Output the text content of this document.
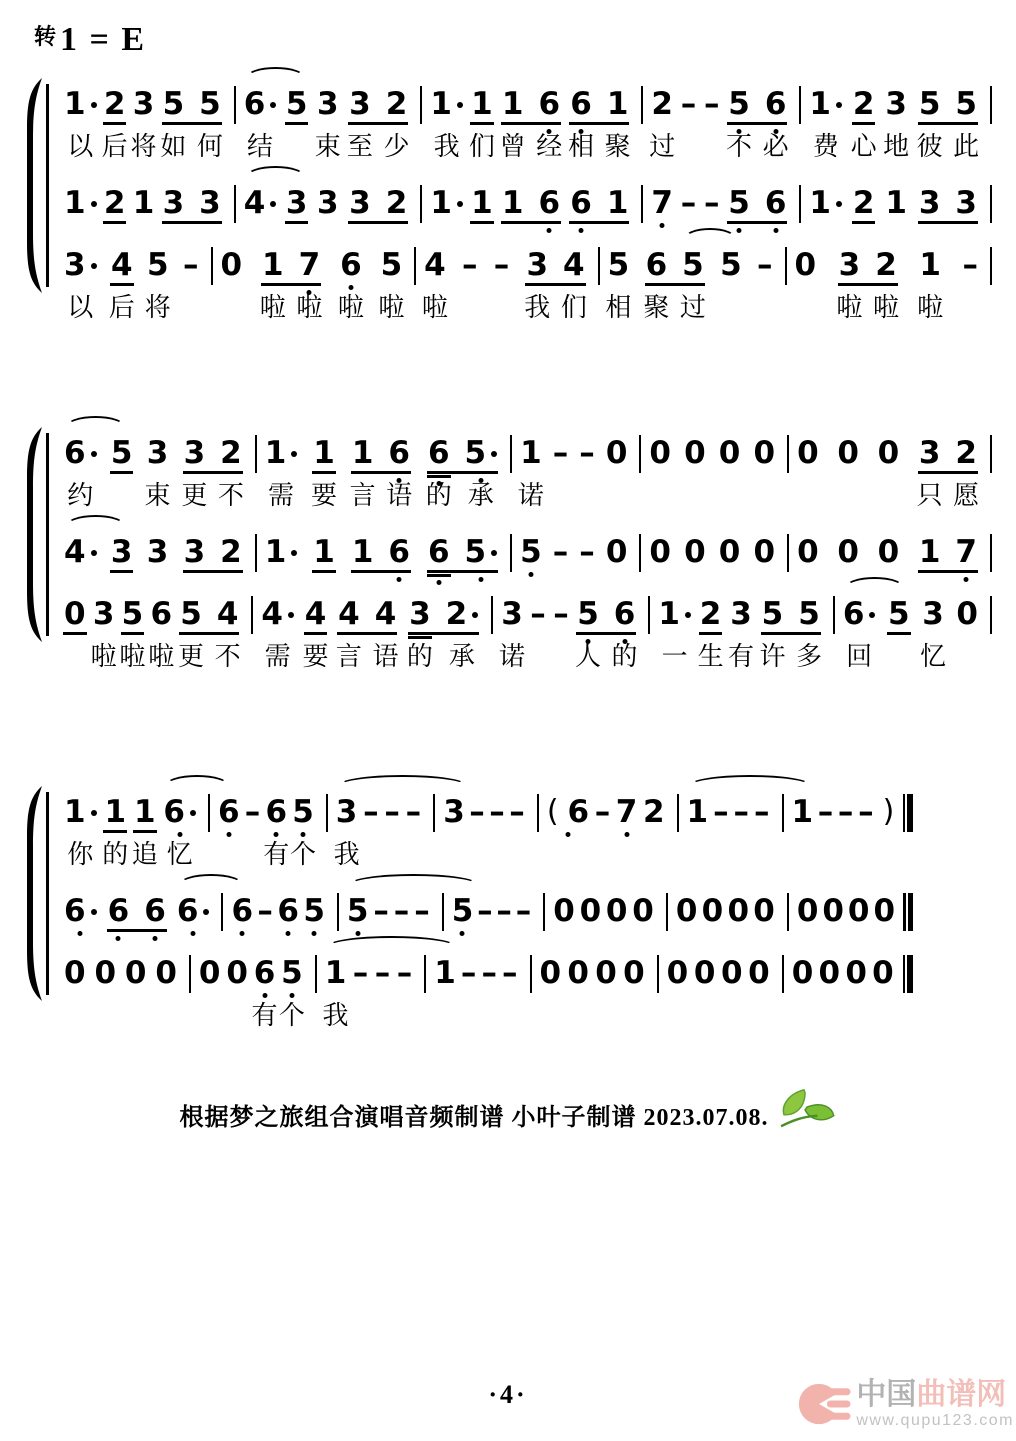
转 1 = E
1
以
2
后
3
将
5
如
5
何
6
结
5 3
束
3
至
2
少
1
我
1
们
1
曾
6
经
6
相
1
聚
2
过
– – 5
不
6
必
1
费
2
心
3
地
5
彼
5
此
1 2 1 3 3 4 3 3 3 2 1 1 1 6 6 1 7 – – 5 6 1 2 1 3 3
3
以
4
后
5
将
– 0 1
啦
7
啦
6
啦
5
啦
4
啦
– – 3
我
4
们
5
相
6
聚
5
过
5 – 0 3
啦
2
啦
1
啦
–
6
约
5 3
束
3
更
2
不
1
需
1
要
1
言
6
语
6
的
5
承
1
诺
– – 0 0 0 0 0 0 0 0 3
只
2
愿
4 3 3 3 2 1 1 1 6 6 5 5 – – 0 0 0 0 0 0 0 0 1 7
0 3
啦
5
啦
6
啦
5
更
4
不
4
需
4
要
4
言
4
语
3
的
2
承
3
诺
– – 5
人
6
的
1
一
2
生
3
有
5
许
5
多
6
回
5 3
忆
0
1
你
1
的
1
追
6
忆
6 – 6
有
5
个
3
我
– – – 3 – – – ( 6 – 7 2 1 – – – 1 – – – )
6 6 6 6 6 – 6 5 5 – – – 5 – – – 0 0 0 0 0 0 0 0 0 0 0 0
0 0 0 0 0 0 6
有
5
个
1
我
– – – 1 – – – 0 0 0 0 0 0 0 0 0 0 0 0
根据梦之旅组合演唱音频制谱 小叶子制谱 2023.07.08.
·4·	中国曲谱网
www.qupu123.com
